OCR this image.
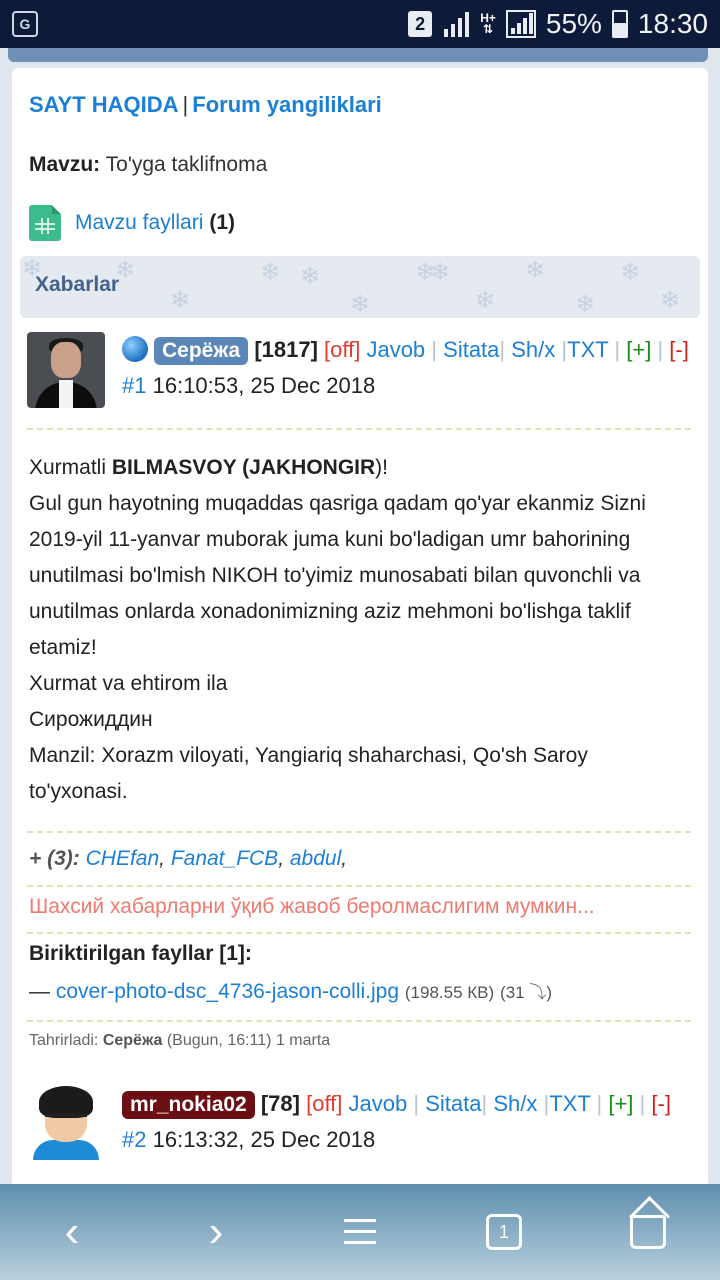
G	2	H+
⇅ 55% 18:30
SAYT HAQIDA | Forum yangiliklari
Mavzu: To'yga taklifnoma
Mavzu fayllari (1)
❄	❄
❄
❄ ❄
❄
❄
❄
❄
❄
❄
❄
❄
Xabarlar
Серёжа [1817] [off] Javob | Sitata| Sh/x |TXT | [+] | [-]
#1 16:10:53, 25 Dec 2018

Xurmatli BILMASVOY (JAKHONGIR)!

Gul gun hayotning muqaddas qasriga qadam qo'yar ekanmiz Sizni 2019-yil 11-yanvar muborak juma kuni bo'ladigan umr bahorining unutilmasi bo'lmish NIKOH to'yimiz munosabati bilan quvonchli va unutilmas onlarda xonadonimizning aziz mehmoni bo'lishga taklif etamiz!

Xurmat va ehtirom ila

Сирожиддин

Manzil: Xorazm viloyati, Yangiariq shaharchasi, Qo'sh Saroy to'yxonasi.

+ (3): CHEfan, Fanat_FCB, abdul,
Шахсий хабарларни ўқиб жавоб беролмаслигим мумкин...
Biriktirilgan fayllar [1]:
— cover-photo-dsc_4736-jason-colli.jpg (198.55 КB) (31 ⤵)
Tahrirladi: Серёжа (Bugun, 16:11) 1 marta
mr_nokia02 [78] [off] Javob | Sitata| Sh/x |TXT | [+] | [-]
#2 16:13:32, 25 Dec 2018
‹	›	1
